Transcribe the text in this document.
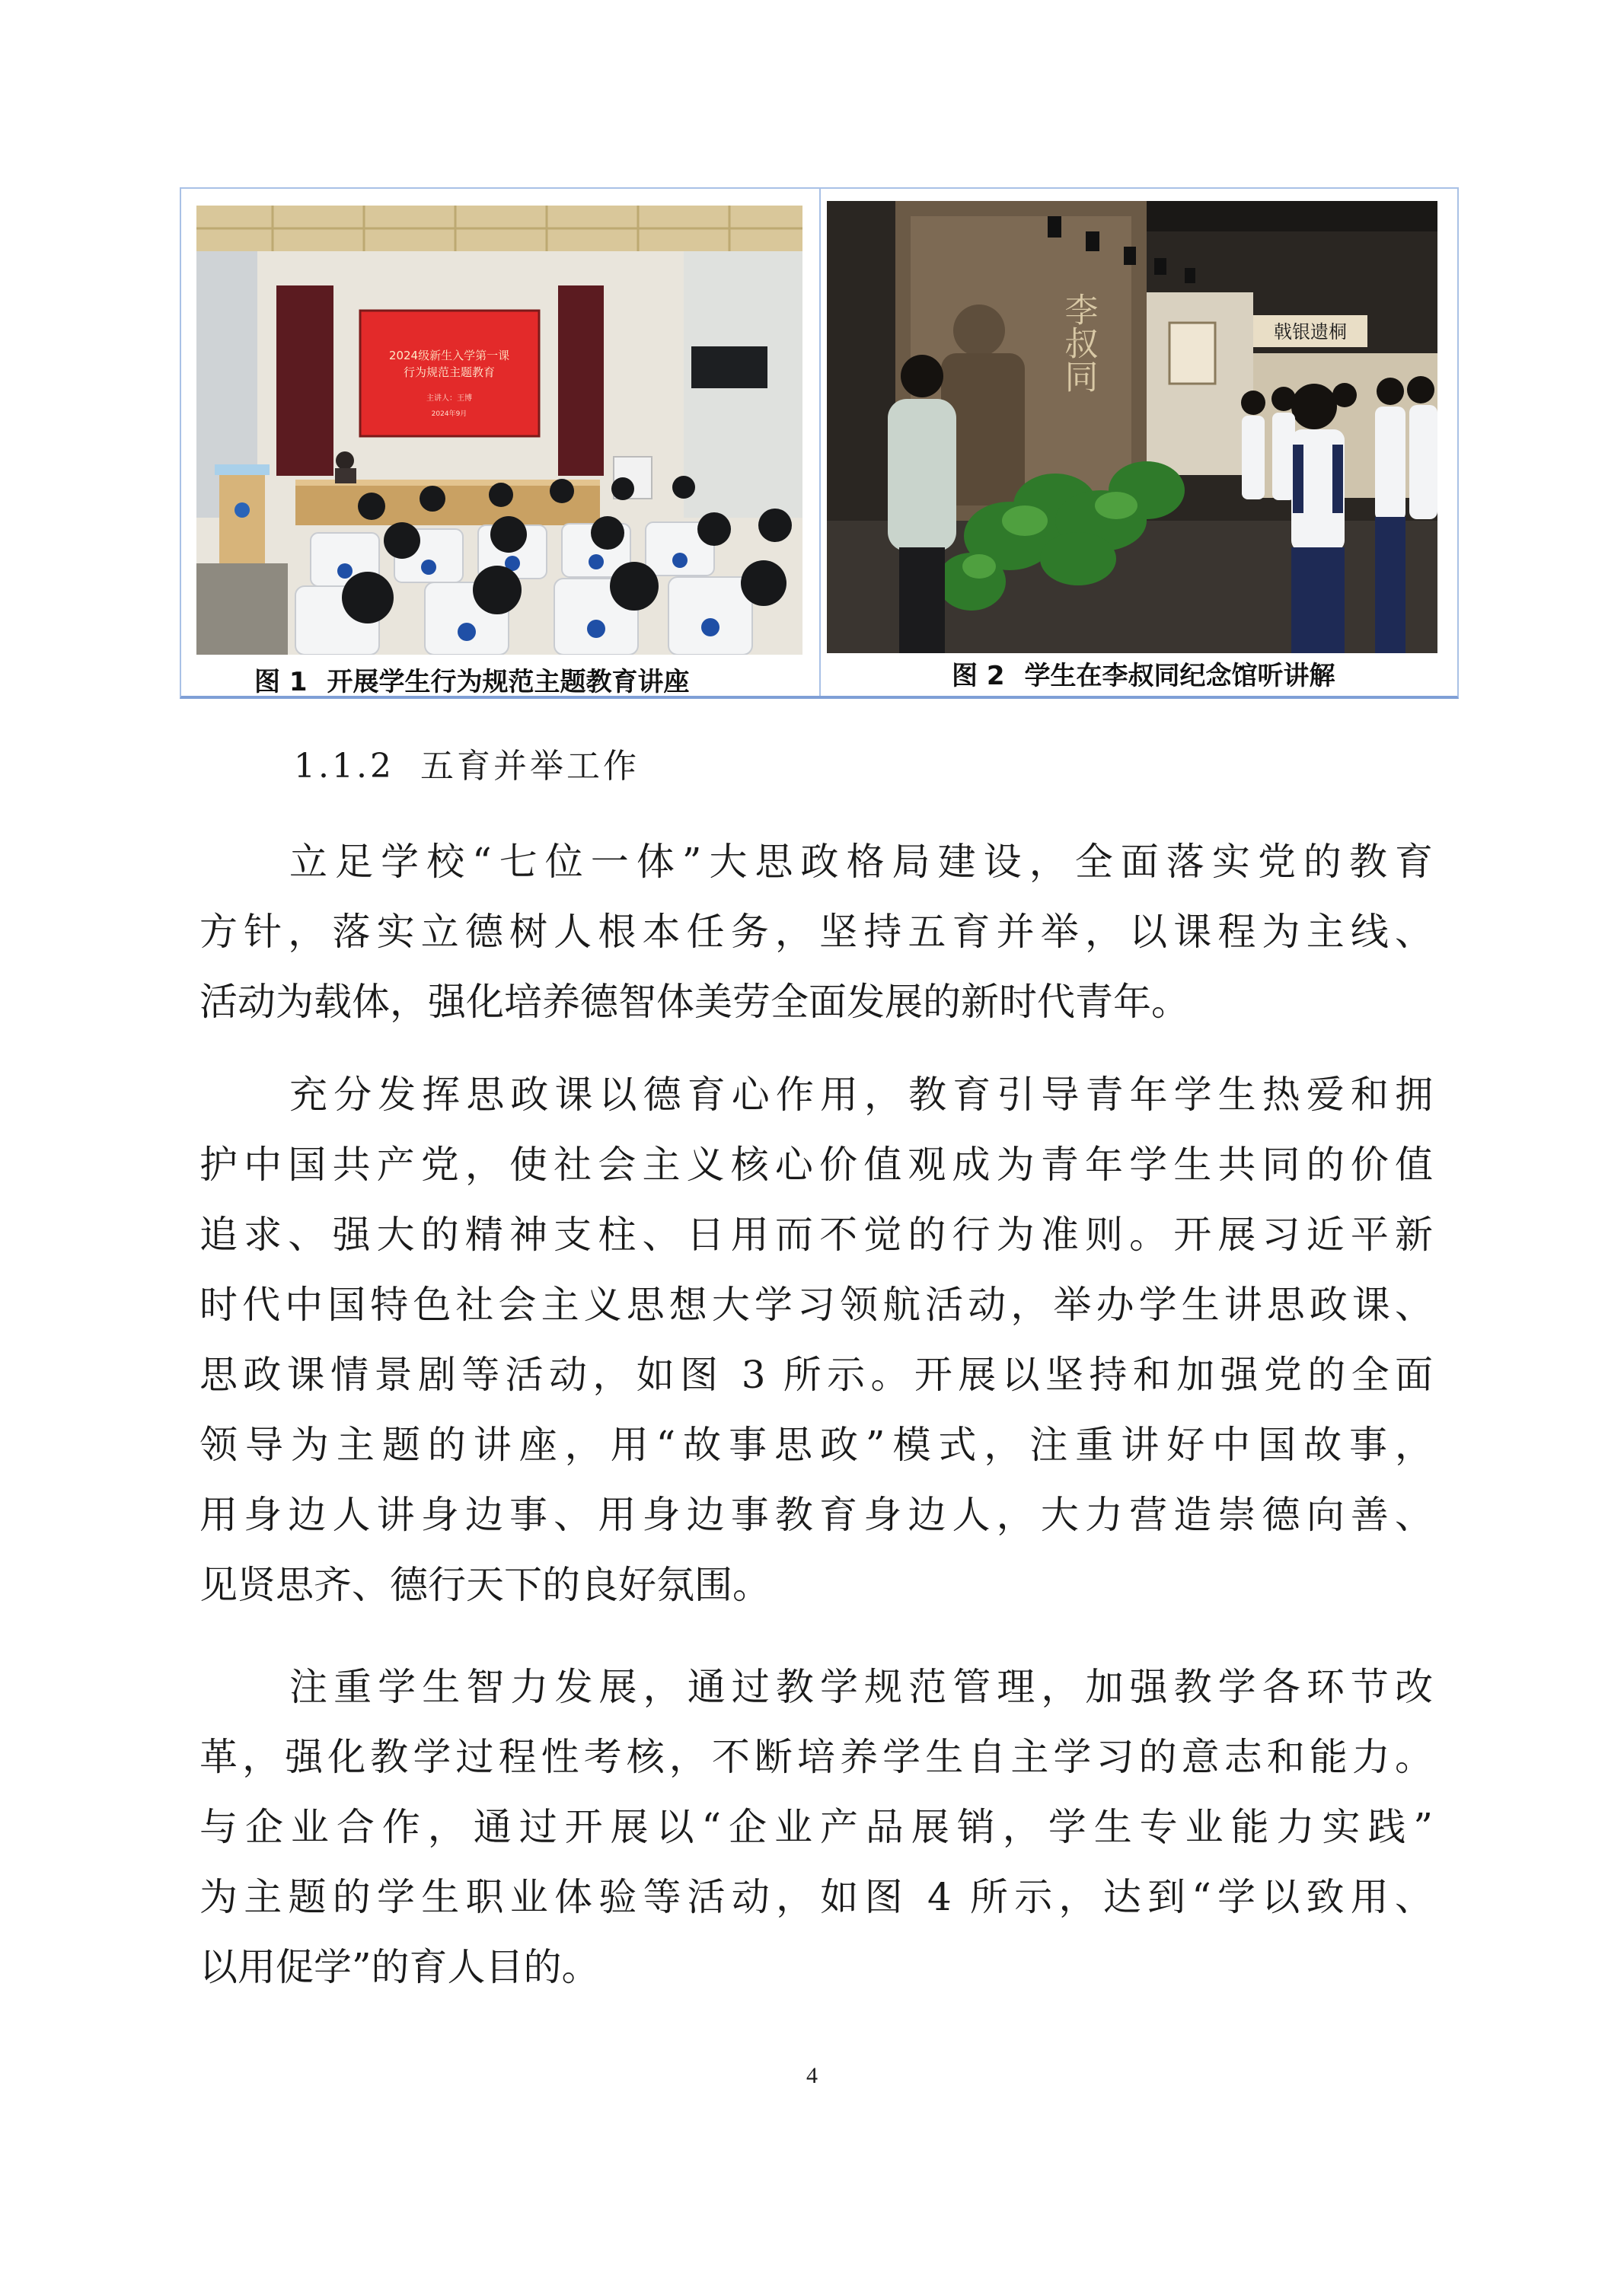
2024级新生入学第一课
行为规范主题教育
主讲人：王博
2024年9月
李叔同	戟银遗桐
图 1 开展学生行为规范主题教育讲座	图 2 学生在李叔同纪念馆听讲解
1.1.2 五育并举工作
立足学校“七位一体”大思政格局建设，全面落实党的教育
方针，落实立德树人根本任务，坚持五育并举，以课程为主线、
活动为载体，强化培养德智体美劳全面发展的新时代青年。
充分发挥思政课以德育心作用，教育引导青年学生热爱和拥
护中国共产党，使社会主义核心价值观成为青年学生共同的价值
追求、强大的精神支柱、日用而不觉的行为准则。开展习近平新
时代中国特色社会主义思想大学习领航活动，举办学生讲思政课、
思政课情景剧等活动，如图 3 所示。开展以坚持和加强党的全面
领导为主题的讲座，用“故事思政”模式，注重讲好中国故事，
用身边人讲身边事、用身边事教育身边人，大力营造崇德向善、
见贤思齐、德行天下的良好氛围。
注重学生智力发展，通过教学规范管理，加强教学各环节改
革，强化教学过程性考核，不断培养学生自主学习的意志和能力。
与企业合作，通过开展以“企业产品展销，学生专业能力实践”
为主题的学生职业体验等活动，如图 4 所示，达到“学以致用、
以用促学”的育人目的。
4
